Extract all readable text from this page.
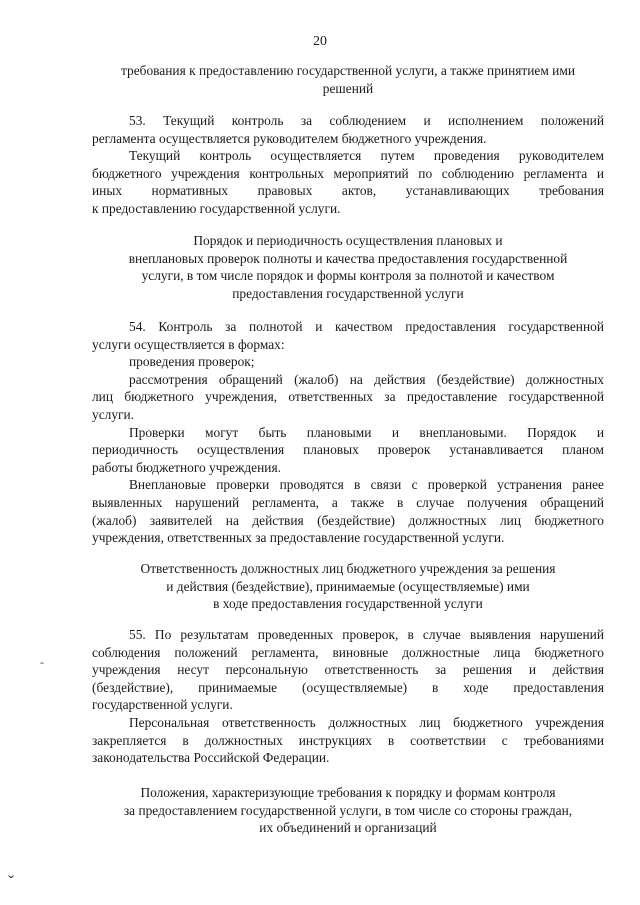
20
требования к предоставлению государственной услуги, а также принятием ими
решений
53. Текущий контроль за соблюдением и исполнением положений
регламента осуществляется руководителем бюджетного учреждения.
Текущий контроль осуществляется путем проведения руководителем
бюджетного учреждения контрольных мероприятий по соблюдению регламента и
иных нормативных правовых актов, устанавливающих требования
к предоставлению государственной услуги.
Порядок и периодичность осуществления плановых и
внеплановых проверок полноты и качества предоставления государственной
услуги, в том числе порядок и формы контроля за полнотой и качеством
предоставления государственной услуги
54. Контроль за полнотой и качеством предоставления государственной
услуги осуществляется в формах:
проведения проверок;
рассмотрения обращений (жалоб) на действия (бездействие) должностных
лиц бюджетного учреждения, ответственных за предоставление государственной
услуги.
Проверки могут быть плановыми и внеплановыми. Порядок и
периодичность осуществления плановых проверок устанавливается планом
работы бюджетного учреждения.
Внеплановые проверки проводятся в связи с проверкой устранения ранее
выявленных нарушений регламента, а также в случае получения обращений
(жалоб) заявителей на действия (бездействие) должностных лиц бюджетного
учреждения, ответственных за предоставление государственной услуги.
Ответственность должностных лиц бюджетного учреждения за решения
и действия (бездействие), принимаемые (осуществляемые) ими
в ходе предоставления государственной услуги
55. По результатам проведенных проверок, в случае выявления нарушений
соблюдения положений регламента, виновные должностные лица бюджетного
учреждения несут персональную ответственность за решения и действия
(бездействие), принимаемые (осуществляемые) в ходе предоставления
государственной услуги.
Персональная ответственность должностных лиц бюджетного учреждения
закрепляется в должностных инструкциях в соответствии с требованиями
законодательства Российской Федерации.
Положения, характеризующие требования к порядку и формам контроля
за предоставлением государственной услуги, в том числе со стороны граждан,
их объединений и организаций
-
ˇ
